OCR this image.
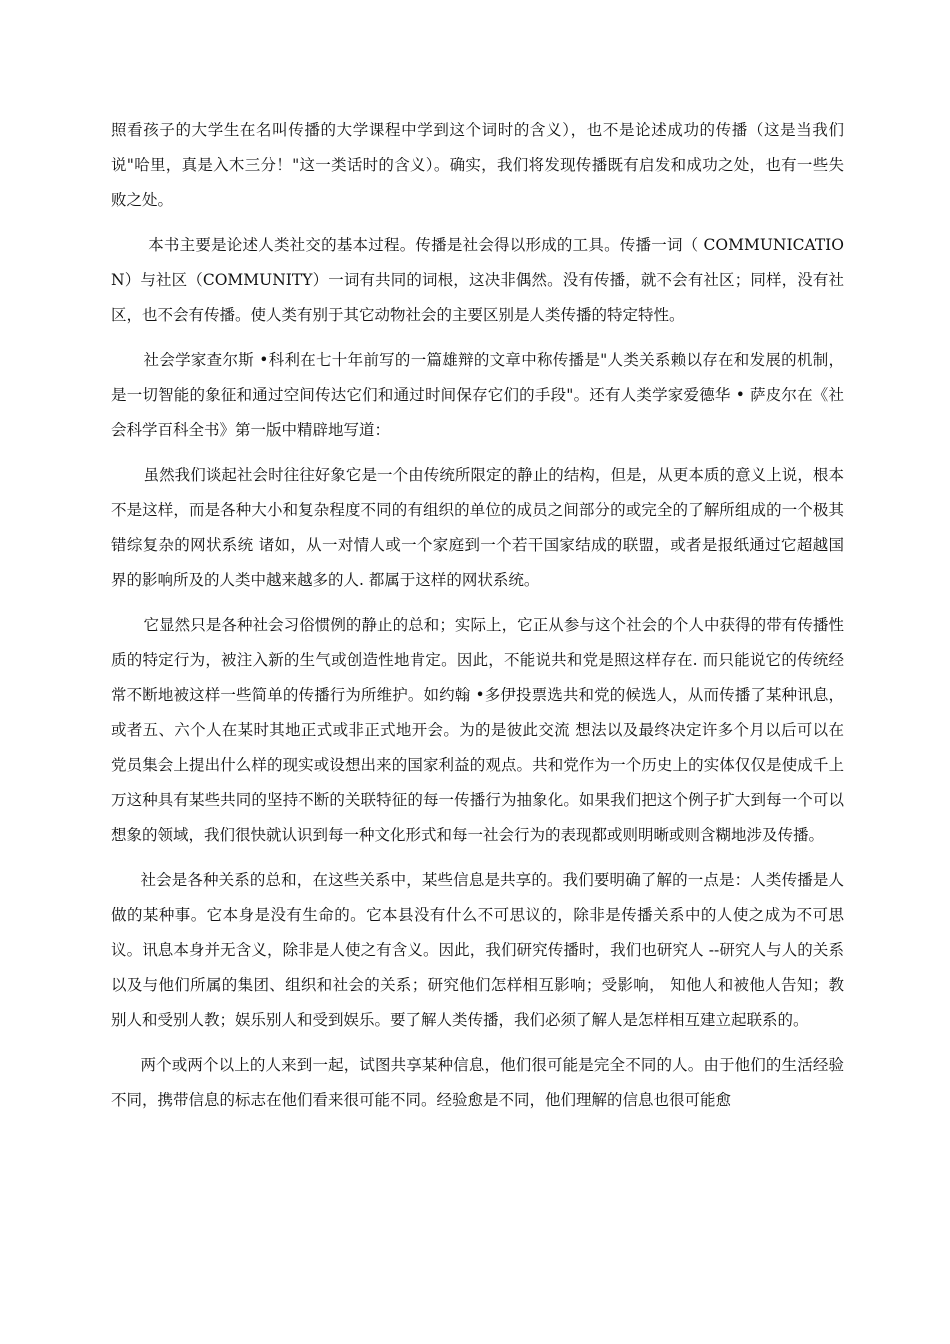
照看孩子的大学生在名叫传播的大学课程中学到这个词时的含义），也不是论述成功的传播（这是当我们说"哈里，真是入木三分！"这一类话时的含义）。确实，我们将发现传播既有启发和成功之处，也有一些失败之处。

本书主要是论述人类社交的基本过程。传播是社会得以形成的工具。传播一词（ COMMUNICATION）与社区（COMMUNITY）一词有共同的词根，这决非偶然。没有传播，就不会有社区；同样，没有社区，也不会有传播。使人类有别于其它动物社会的主要区别是人类传播的特定特性。

社会学家查尔斯 •科利在七十年前写的一篇雄辩的文章中称传播是"人类关系赖以存在和发展的机制，是一切智能的象征和通过空间传达它们和通过时间保存它们的手段"。还有人类学家爱德华 • 萨皮尔在《社会科学百科全书》第一版中精辟地写道：

虽然我们谈起社会时往往好象它是一个由传统所限定的静止的结构，但是，从更本质的意义上说，根本不是这样，而是各种大小和复杂程度不同的有组织的单位的成员之间部分的或完全的了解所组成的一个极其错综复杂的网状系统 诸如，从一对情人或一个家庭到一个若干国家结成的联盟，或者是报纸通过它超越国界的影响所及的人类中越来越多的人. 都属于这样的网状系统。

它显然只是各种社会习俗惯例的静止的总和；实际上，它正从参与这个社会的个人中获得的带有传播性质的特定行为，被注入新的生气或创造性地肯定。因此，不能说共和党是照这样存在. 而只能说它的传统经常不断地被这样一些简单的传播行为所维护。如约翰 •多伊投票选共和党的候选人，从而传播了某种讯息，或者五、六个人在某时其地正式或非正式地开会。为的是彼此交流 想法以及最终决定许多个月以后可以在党员集会上提出什么样的现实或设想出来的国家利益的观点。共和党作为一个历史上的实体仅仅是使成千上万这种具有某些共同的坚持不断的关联特征的每一传播行为抽象化。如果我们把这个例子扩大到每一个可以想象的领域，我们很快就认识到每一种文化形式和每一社会行为的表现都或则明晰或则含糊地涉及传播。

社会是各种关系的总和，在这些关系中，某些信息是共享的。我们要明确了解的一点是：人类传播是人做的某种事。它本身是没有生命的。它本县没有什么不可思议的，除非是传播关系中的人使之成为不可思议。讯息本身并无含义，除非是人使之有含义。因此，我们研究传播时，我们也研究人 --研究人与人的关系以及与他们所属的集团、组织和社会的关系；研究他们怎样相互影响；受影响， 知他人和被他人告知；教别人和受别人教；娱乐别人和受到娱乐。要了解人类传播，我们必须了解人是怎样相互建立起联系的。

两个或两个以上的人来到一起，试图共享某种信息，他们很可能是完全不同的人。由于他们的生活经验不同，携带信息的标志在他们看来很可能不同。经验愈是不同，他们理解的信息也很可能愈
